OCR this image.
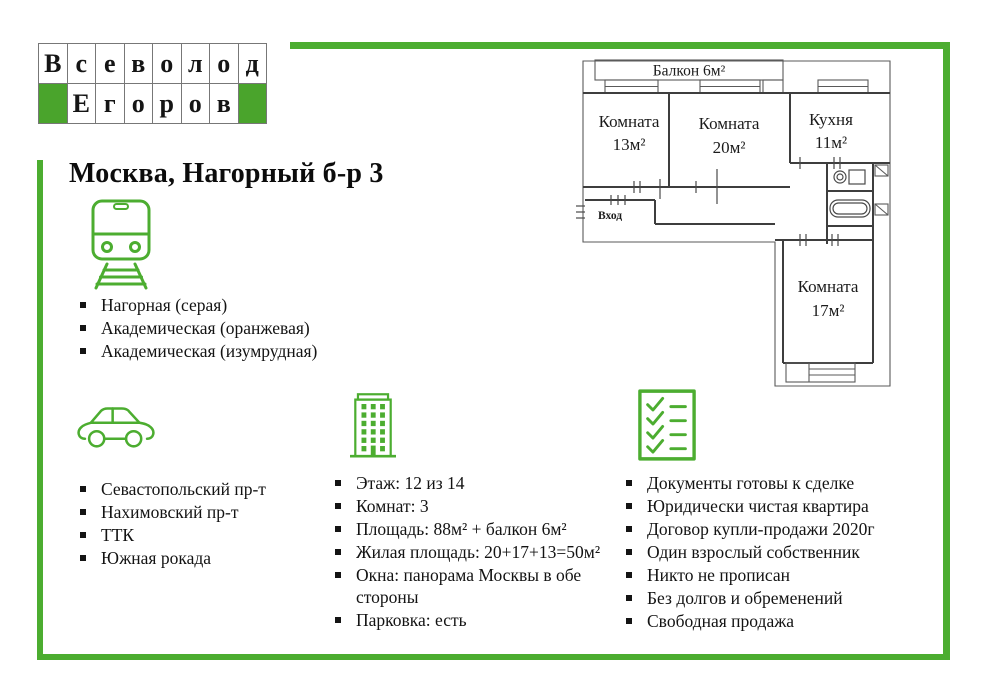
В с е в о л о д
Е г о р о в
Москва, Нагорный б-р 3
Нагорная (серая)
Академическая (оранжевая)
Академическая (изумрудная)
Севастопольский пр-т
Нахимовский пр-т
ТТК
Южная рокада
Этаж: 12 из 14
Комнат: 3
Площадь: 88м² + балкон 6м²
Жилая площадь: 20+17+13=50м²
Окна: панорама Москвы в обе стороны
Парковка: есть
Документы готовы к сделке
Юридически чистая квартира
Договор купли-продажи 2020г
Один взрослый собственник
Никто не прописан
Без долгов и обременений
Свободная продажа
Балкон 6м²
Комната
13м²
Комната
20м²
Кухня
11м²
Вход
Комната
17м²
